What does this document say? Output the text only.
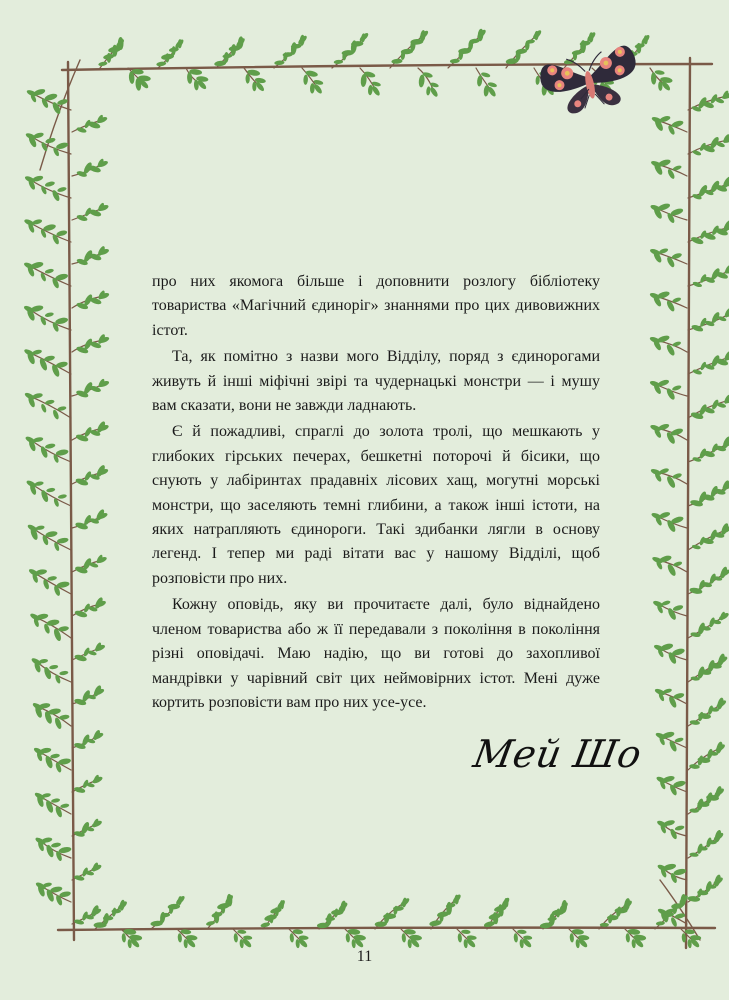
про них якомога більше і доповнити розлогу бібліотеку товариства «Магічний єдиноріг» знаннями про цих дивовижних істот.

Та, як помітно з назви мого Відділу, поряд з єдинорогами живуть й інші міфічні звірі та чудернацькі монстри — і мушу вам сказати, вони не завжди ладнають.

Є й пожадливі, спраглі до золота тролі, що мешкають у глибоких гірських печерах, бешкетні поторочі й бісики, що снують у лабіринтах прадавніх лісових хащ, могутні морські монстри, що заселяють темні глибини, а також інші істоти, на яких натрапляють єдинороги. Такі здибанки лягли в основу легенд. І тепер ми раді вітати вас у нашому Відділі, щоб розповісти про них.

Кожну оповідь, яку ви прочитаєте далі, було віднайдено членом товариства або ж її передавали з покоління в покоління різні оповідачі. Маю надію, що ви готові до захопливої мандрівки у чарівний світ цих неймовірних істот. Мені дуже кортить розповісти вам про них усе-усе.

Мей Шо
11
